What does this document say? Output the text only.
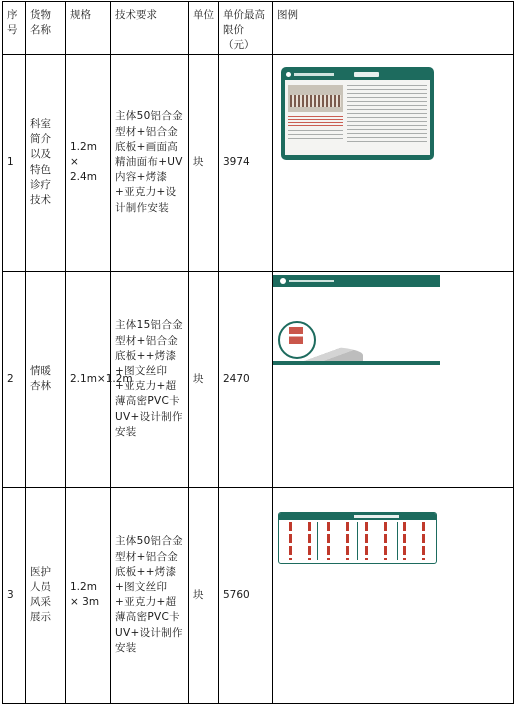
序号	货物名称	规格	技术要求	单位	单价最高限价（元）	图例
1	科室简介以及特色诊疗技术	1.2m × 2.4m	主体50铝合金型材+铝合金底板+画面高精油面布+UV内容+烤漆+亚克力+设计制作安装	块	3974	

2	情暖杏林	2.1m×1.2m	主体15铝合金型材+铝合金底板++烤漆+图文丝印+亚克力+超薄高密PVC卡UV+设计制作安装	块	2470	

3	医护人员风采展示	1.2m × 3m	主体50铝合金型材+铝合金底板++烤漆+图文丝印+亚克力+超薄高密PVC卡UV+设计制作安装	块	5760	
